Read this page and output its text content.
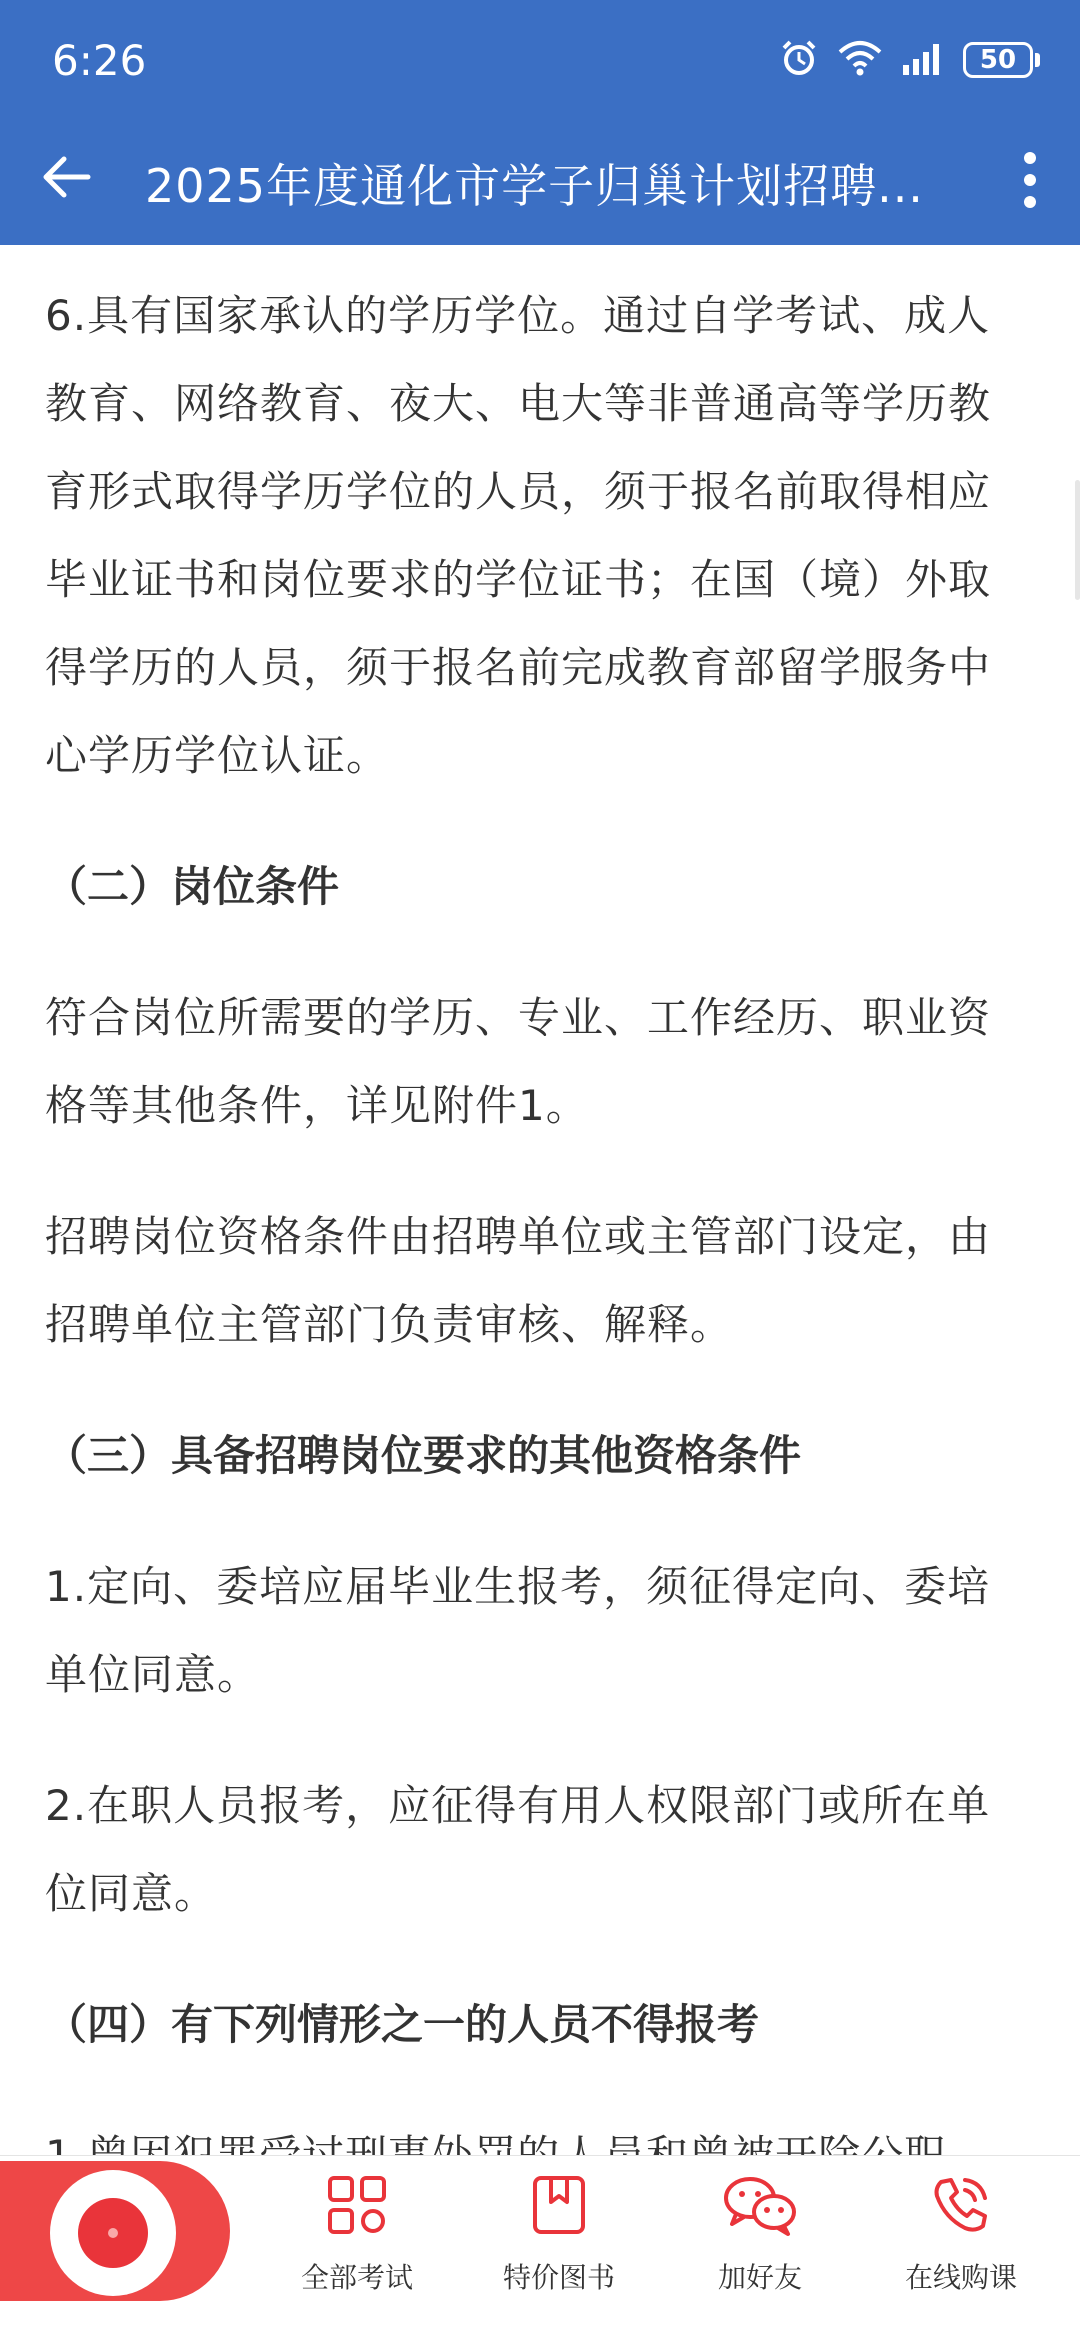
6:26	50
2025年度通化市学子归巢计划招聘...

6.具有国家承认的学历学位。通过自学考试、成人教育、网络教育、夜大、电大等非普通高等学历教育形式取得学历学位的人员，须于报名前取得相应毕业证书和岗位要求的学位证书；在国（境）外取得学历的人员，须于报名前完成教育部留学服务中心学历学位认证。

（二）岗位条件

符合岗位所需要的学历、专业、工作经历、职业资格等其他条件，详见附件1。

招聘岗位资格条件由招聘单位或主管部门设定，由招聘单位主管部门负责审核、解释。

（三）具备招聘岗位要求的其他资格条件

1.定向、委培应届毕业生报考，须征得定向、委培单位同意。

2.在职人员报考，应征得有用人权限部门或所在单位同意。

（四）有下列情形之一的人员不得报考

全部考试	特价图书	加好友	在线购课
